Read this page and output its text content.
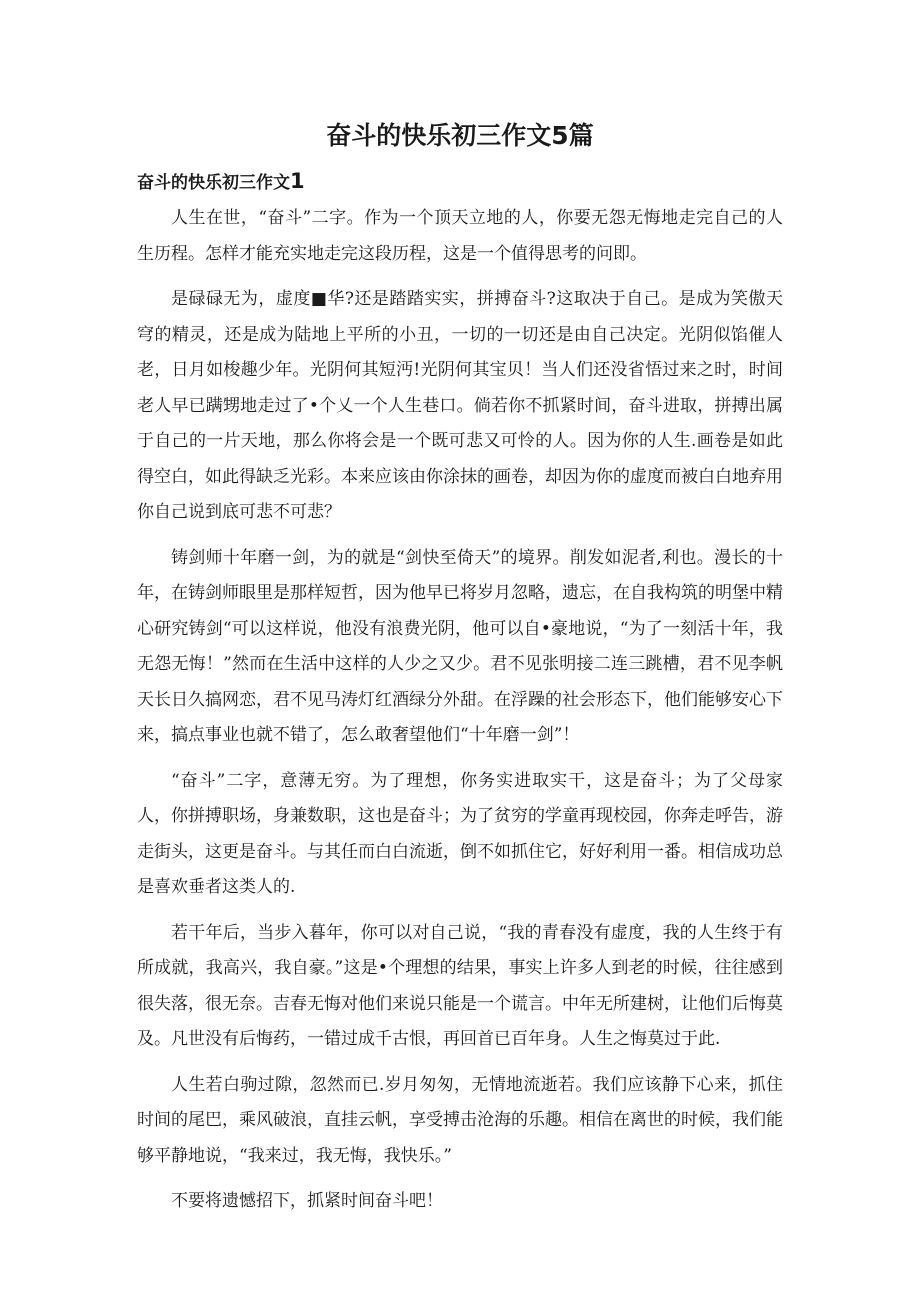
奋斗的快乐初三作文5篇
奋斗的快乐初三作文1

人生在世，“奋斗”二字。作为一个顶天立地的人，你要无怨无悔地走完自己的人生历程。怎样才能充实地走完这段历程，这是一个值得思考的问即。

是碌碌无为，虚度■华?还是踏踏实实，拼搏奋斗?这取决于自己。是成为笑傲天穹的精灵，还是成为陆地上平所的小丑，一切的一切还是由自己决定。光阴似馅催人老，日月如梭趣少年。光阴何其短沔!光阴何其宝贝！当人们还没省悟过来之时，时间老人早已蹒甥地走过了•个乂一个人生巷口。倘若你不抓紧时间，奋斗进取，拼搏出属于自己的一片天地，那么你将会是一个既可悲又可怜的人。因为你的人生.画卷是如此得空白，如此得缺乏光彩。本来应该由你涂抹的画卷，却因为你的虚度而被白白地弃用你自己说到底可悲不可悲？

铸剑师十年磨一剑，为的就是“剑快至倚天”的境界。削发如泥者,利也。漫长的十年，在铸剑师眼里是那样短哲，因为他早已将岁月忽略，遗忘，在自我构筑的明堡中精心研究铸剑“可以这样说，他没有浪费光阴，他可以自•豪地说，“为了一刻活十年，我无怨无悔！”然而在生活中这样的人少之又少。君不见张明接二连三跳槽，君不见李帆天长日久搞网恋，君不见马涛灯红酒绿分外甜。在浮躁的社会形态下，他们能够安心下来，搞点事业也就不错了，怎么敢奢望他们“十年磨一剑”！

“奋斗”二字，意薄无穷。为了理想，你务实进取实干，这是奋斗；为了父母家人，你拼搏职场，身兼数职，这也是奋斗；为了贫穷的学童再现校园，你奔走呼告，游走街头，这更是奋斗。与其任而白白流逝，倒不如抓住它，好好利用一番。相信成功总是喜欢垂者这类人的.

若干年后，当步入暮年，你可以对自己说，“我的青春没有虚度，我的人生终于有所成就，我高兴，我自豪。”这是•个理想的结果，事实上许多人到老的时候，往往感到很失落，很无奈。吉春无悔对他们来说只能是一个谎言。中年无所建树，让他们后悔莫及。凡世没有后悔药，一错过成千古恨，再回首已百年身。人生之悔莫过于此.

人生若白驹过隙，忽然而已.岁月匆匆，无情地流逝若。我们应该静下心来，抓住时间的尾巴，乘风破浪，直挂云帆，享受搏击沧海的乐趣。相信在离世的时候，我们能够平静地说，“我来过，我无悔，我快乐。”

不要将遗憾招下，抓紧时间奋斗吧！
